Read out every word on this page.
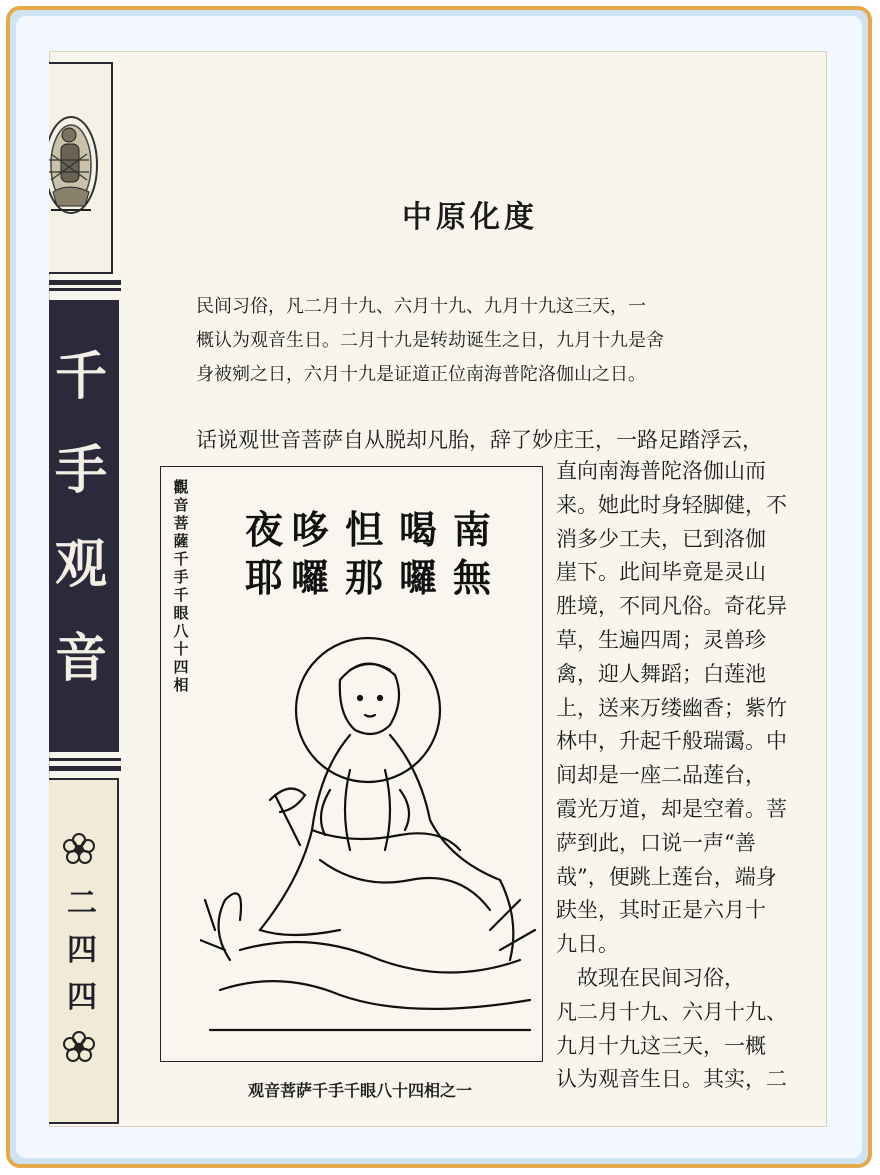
千
手
观
音
二
四
四
中原化度

民间习俗，凡二月十九、六月十九、九月十九这三天，一

概认为观音生日。二月十九是转劫诞生之日，九月十九是舍

身被剜之日，六月十九是证道正位南海普陀洛伽山之日。

话说观世音菩萨自从脱却凡胎，辞了妙庄王，一路足踏浮云，
觀音菩薩千手千眼八十四相
南無
喝囉
怛那
哆囉
夜耶
观音菩萨千手千眼八十四相之一

直向南海普陀洛伽山而

来。她此时身轻脚健，不

消多少工夫，已到洛伽

崖下。此间毕竟是灵山

胜境，不同凡俗。奇花异

草，生遍四周；灵兽珍

禽，迎人舞蹈；白莲池

上，送来万缕幽香；紫竹

林中，升起千般瑞霭。中

间却是一座二品莲台，

霞光万道，却是空着。菩

萨到此，口说一声“善

哉”，便跳上莲台，端身

趺坐，其时正是六月十

九日。

　故现在民间习俗，

凡二月十九、六月十九、

九月十九这三天，一概

认为观音生日。其实，二
